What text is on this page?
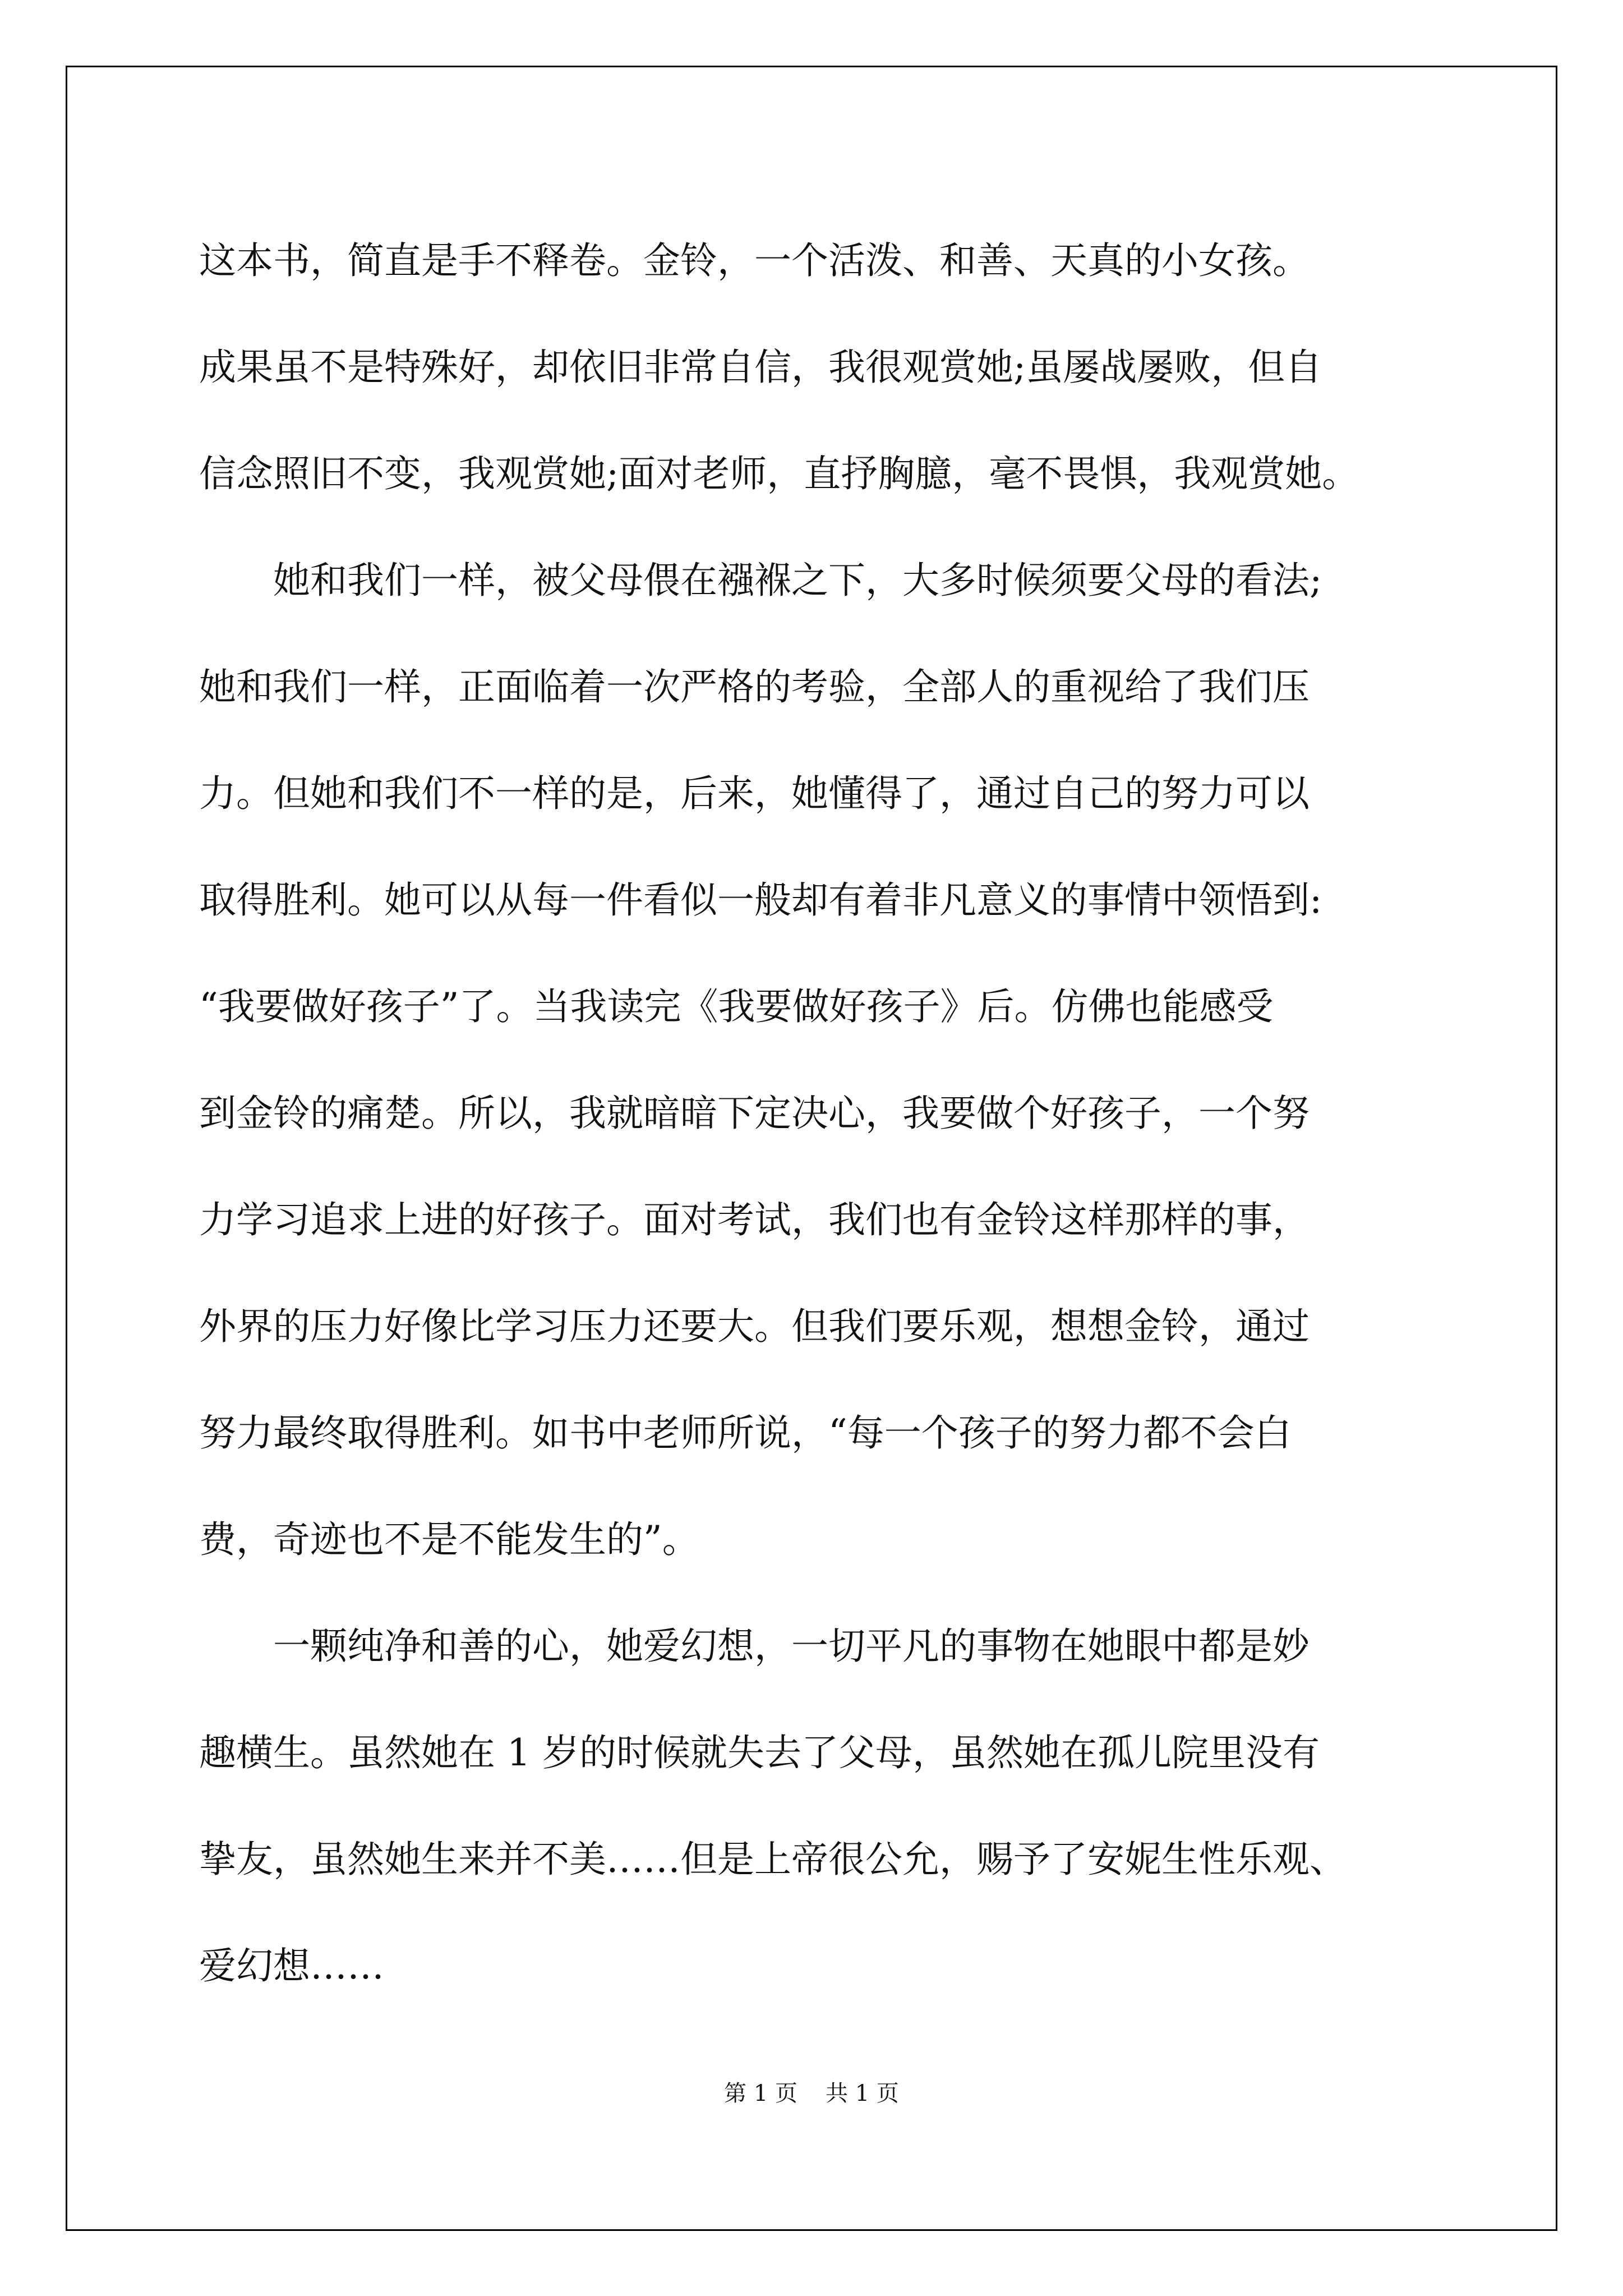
这本书，简直是手不释卷。金铃，一个活泼、和善、天真的小女孩。
成果虽不是特殊好，却依旧非常自信，我很观赏她;虽屡战屡败，但自
信念照旧不变，我观赏她;面对老师，直抒胸臆，毫不畏惧，我观赏她。

　　她和我们一样，被父母偎在襁褓之下，大多时候须要父母的看法;
她和我们一样，正面临着一次严格的考验，全部人的重视给了我们压
力。但她和我们不一样的是，后来，她懂得了，通过自己的努力可以
取得胜利。她可以从每一件看似一般却有着非凡意义的事情中领悟到:
“我要做好孩子”了。当我读完《我要做好孩子》后。仿佛也能感受
到金铃的痛楚。所以，我就暗暗下定决心，我要做个好孩子，一个努
力学习追求上进的好孩子。面对考试，我们也有金铃这样那样的事，
外界的压力好像比学习压力还要大。但我们要乐观，想想金铃，通过
努力最终取得胜利。如书中老师所说，“每一个孩子的努力都不会白
费，奇迹也不是不能发生的”。

　　一颗纯净和善的心，她爱幻想，一切平凡的事物在她眼中都是妙
趣横生。虽然她在 1 岁的时候就失去了父母，虽然她在孤儿院里没有
挚友，虽然她生来并不美……但是上帝很公允，赐予了安妮生性乐观、
爱幻想……

第 1 页 共 1 页
